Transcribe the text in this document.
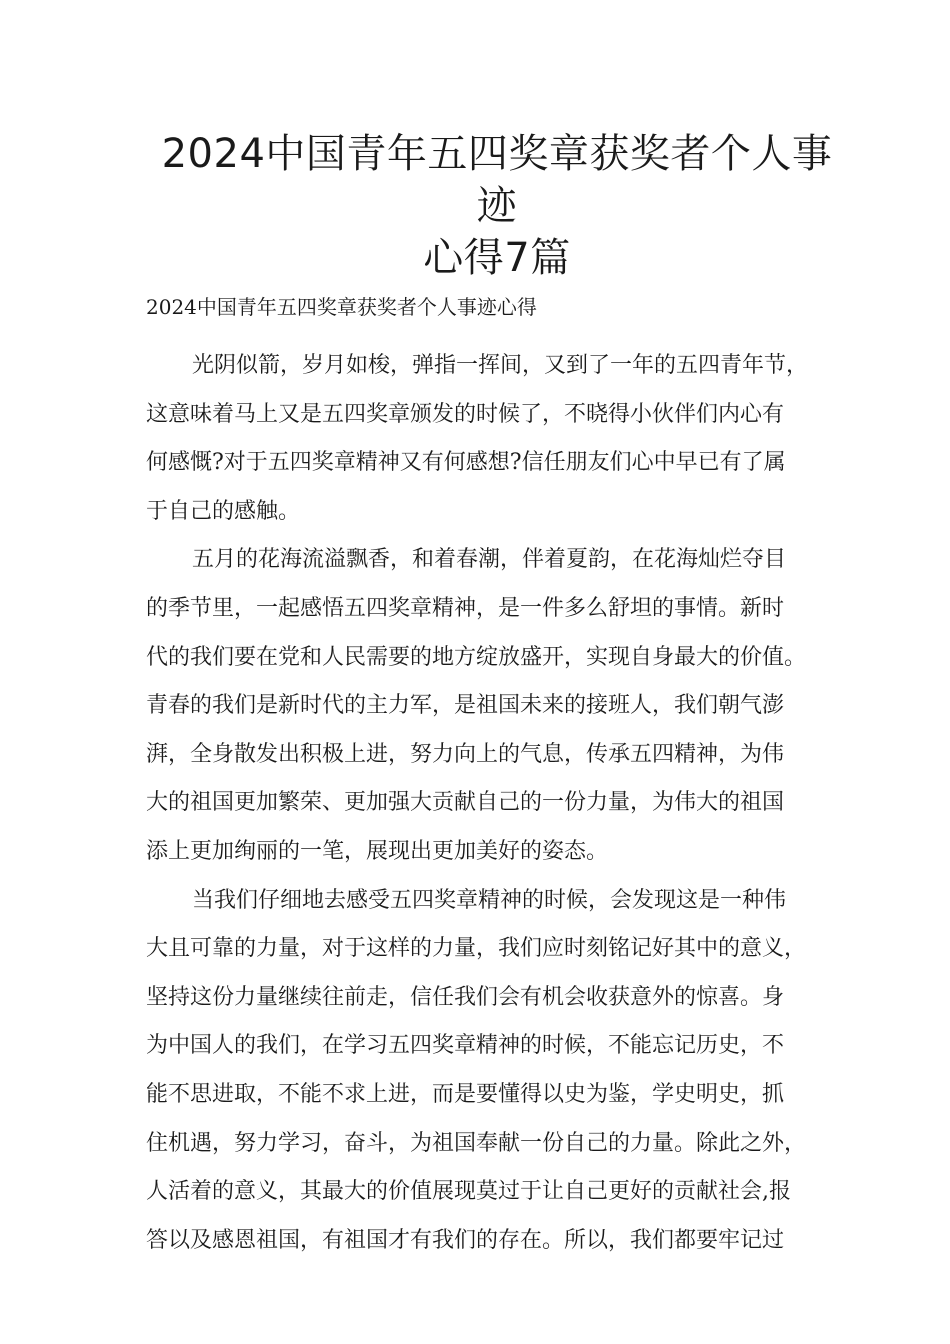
2024中国青年五四奖章获奖者个人事迹
心得7篇
2024中国青年五四奖章获奖者个人事迹心得
光阴似箭，岁月如梭，弹指一挥间，又到了一年的五四青年节，
这意味着马上又是五四奖章颁发的时候了，不晓得小伙伴们内心有
何感慨?对于五四奖章精神又有何感想?信任朋友们心中早已有了属
于自己的感触。
五月的花海流溢飘香，和着春潮，伴着夏韵，在花海灿烂夺目
的季节里，一起感悟五四奖章精神，是一件多么舒坦的事情。新时
代的我们要在党和人民需要的地方绽放盛开，实现自身最大的价值。
青春的我们是新时代的主力军，是祖国未来的接班人，我们朝气澎
湃，全身散发出积极上进，努力向上的气息，传承五四精神，为伟
大的祖国更加繁荣、更加强大贡献自己的一份力量，为伟大的祖国
添上更加绚丽的一笔，展现出更加美好的姿态。
当我们仔细地去感受五四奖章精神的时候，会发现这是一种伟
大且可靠的力量，对于这样的力量，我们应时刻铭记好其中的意义，
坚持这份力量继续往前走，信任我们会有机会收获意外的惊喜。身
为中国人的我们，在学习五四奖章精神的时候，不能忘记历史，不
能不思进取，不能不求上进，而是要懂得以史为鉴，学史明史，抓
住机遇，努力学习，奋斗，为祖国奉献一份自己的力量。除此之外，
人活着的意义，其最大的价值展现莫过于让自己更好的贡献社会,报
答以及感恩祖国，有祖国才有我们的存在。所以，我们都要牢记过
